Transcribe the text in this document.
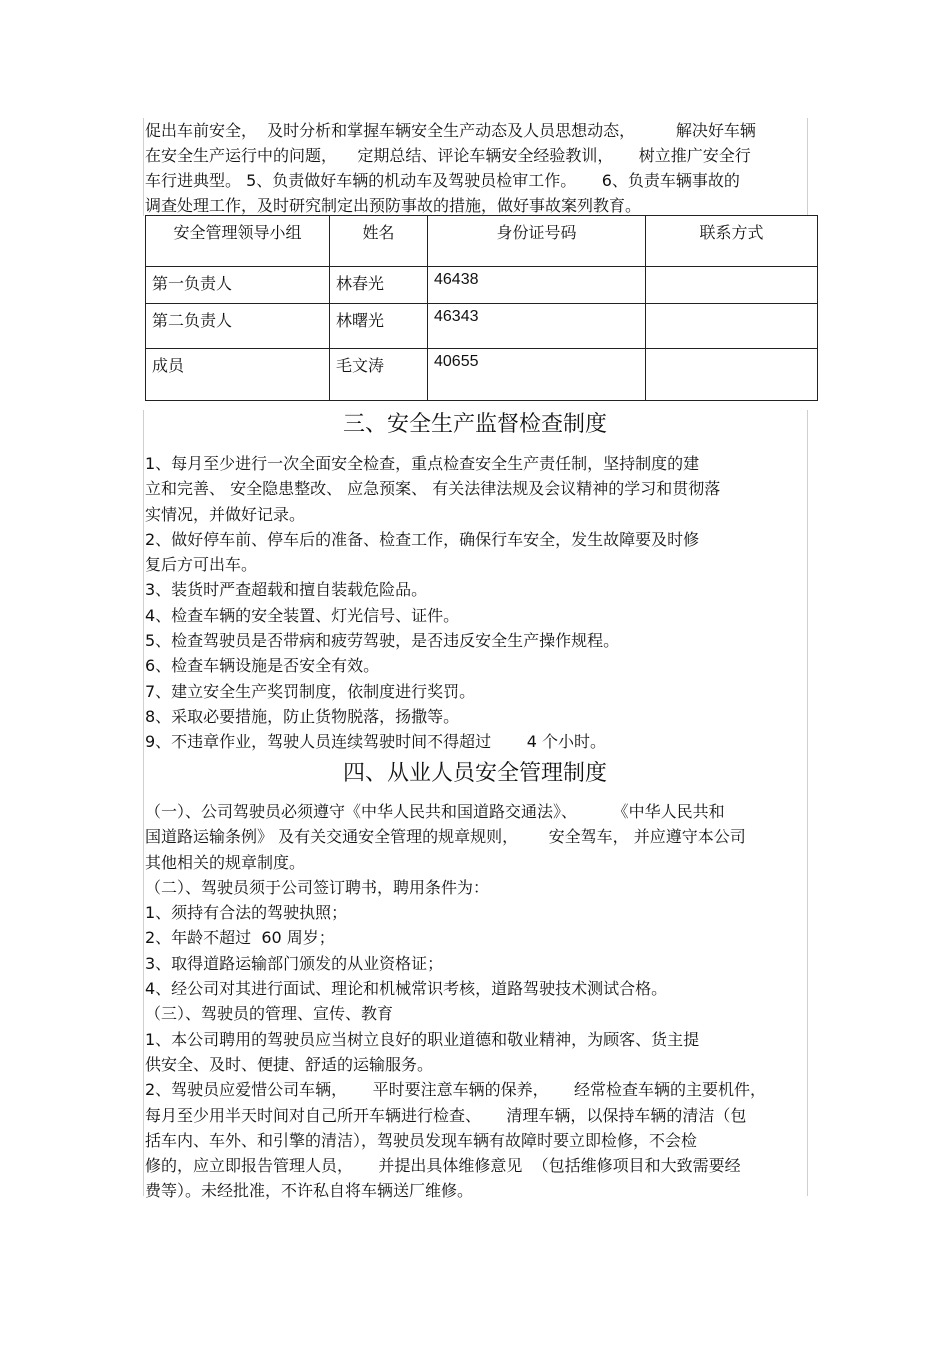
促出车前安全，  及时分析和掌握车辆安全生产动态及人员思想动态，        解决好车辆
在安全生产运行中的问题，    定期总结、评论车辆安全经验教训，     树立推广安全行
车行进典型。 5、负责做好车辆的机动车及驾驶员检审工作。     6、负责车辆事故的
调查处理工作，及时研究制定出预防事故的措施，做好事故案列教育。
安全管理领导小组	姓名	身份证号码	联系方式
第一负责人	林春光	46438	
第二负责人	林曙光	46343	
成员	毛文涛	40655	
三、安全生产监督检查制度
1、每月至少进行一次全面安全检查，重点检查安全生产责任制，坚持制度的建
立和完善、 安全隐患整改、 应急预案、 有关法律法规及会议精神的学习和贯彻落
实情况，并做好记录。
2、做好停车前、停车后的准备、检查工作，确保行车安全，发生故障要及时修
复后方可出车。
3、装货时严查超载和擅自装载危险品。
4、检查车辆的安全装置、灯光信号、证件。
5、检查驾驶员是否带病和疲劳驾驶，是否违反安全生产操作规程。
6、检查车辆设施是否安全有效。
7、建立安全生产奖罚制度，依制度进行奖罚。
8、采取必要措施，防止货物脱落，扬撒等。
9、不违章作业，驾驶人员连续驾驶时间不得超过       4 个小时。
四、从业人员安全管理制度
（一）、公司驾驶员必须遵守《中华人民共和国道路交通法》、       《中华人民共和
国道路运输条例》 及有关交通安全管理的规章规则，      安全驾车， 并应遵守本公司
其他相关的规章制度。
（二）、驾驶员须于公司签订聘书，聘用条件为：
1、须持有合法的驾驶执照；
2、年龄不超过  60 周岁；
3、取得道路运输部门颁发的从业资格证；
4、经公司对其进行面试、理论和机械常识考核，道路驾驶技术测试合格。
（三）、驾驶员的管理、宣传、教育
1、本公司聘用的驾驶员应当树立良好的职业道德和敬业精神，为顾客、货主提
供安全、及时、便捷、舒适的运输服务。
2、驾驶员应爱惜公司车辆，     平时要注意车辆的保养，     经常检查车辆的主要机件，
每月至少用半天时间对自己所开车辆进行检查、     清理车辆，以保持车辆的清洁（包
括车内、车外、和引擎的清洁），驾驶员发现车辆有故障时要立即检修，不会检
修的，应立即报告管理人员，     并提出具体维修意见  （包括维修项目和大致需要经
费等）。未经批准，不许私自将车辆送厂维修。
